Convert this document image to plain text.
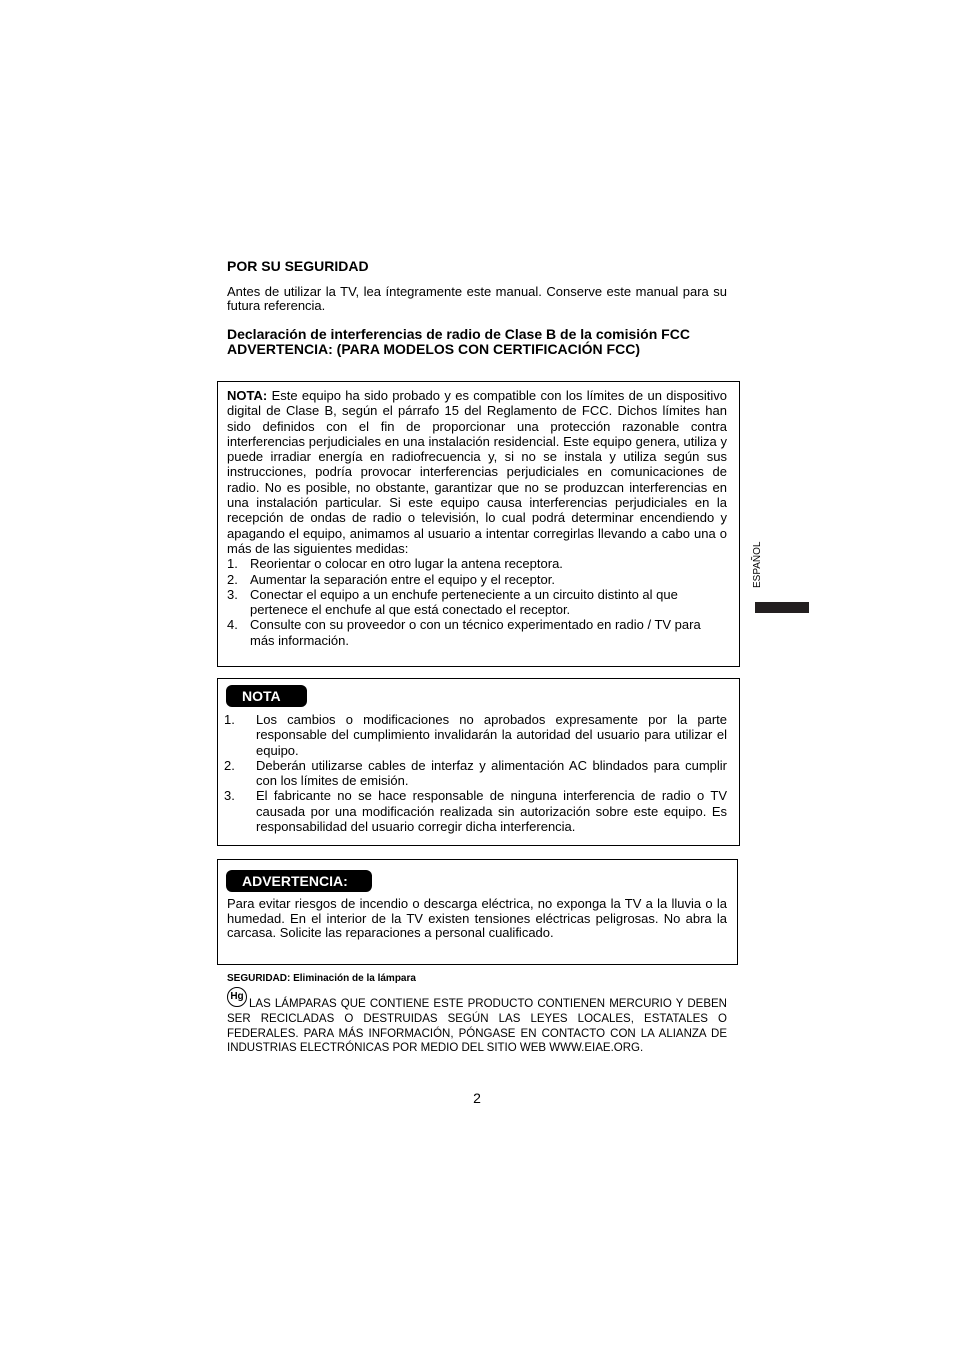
POR SU SEGURIDAD
Antes de utilizar la TV, lea íntegramente este manual. Conserve este manual para su futura referencia.
Declaración de interferencias de radio de Clase B de la comisión FCC
ADVERTENCIA: (PARA MODELOS CON CERTIFICACIÓN FCC)

NOTA: Este equipo ha sido probado y es compatible con los límites de un dispositivo digital de Clase B, según el párrafo 15 del Reglamento de FCC. Dichos límites han sido definidos con el fin de proporcionar una protección razonable contra interferencias perjudiciales en una instalación residencial. Este equipo genera, utiliza y puede irradiar energía en radiofrecuencia y, si no se instala y utiliza según sus instrucciones, podría provocar interferencias perjudiciales en comunicaciones de radio. No es posible, no obstante, garantizar que no se produzcan interferencias en una instalación particular. Si este equipo causa interferencias perjudiciales en la recepción de ondas de radio o televisión, lo cual podrá determinar encendiendo y apagando el equipo, animamos al usuario a intentar corregirlas llevando a cabo una o más de las siguientes medidas:

1. Reorientar o colocar en otro lugar la antena receptora.
2. Aumentar la separación entre el equipo y el receptor.
3. Conectar el equipo a un enchufe perteneciente a un circuito distinto al que pertenece el enchufe al que está conectado el receptor.
4. Consulte con su proveedor o con un técnico experimentado en radio / TV para más información.
NOTA
1. Los cambios o modificaciones no aprobados expresamente por la parte responsable del cumplimiento invalidarán la autoridad del usuario para utilizar el equipo.
2. Deberán utilizarse cables de interfaz y alimentación AC blindados para cumplir con los límites de emisión.
3. El fabricante no se hace responsable de ninguna interferencia de radio o TV causada por una modificación realizada sin autorización sobre este equipo. Es responsabilidad del usuario corregir dicha interferencia.
ADVERTENCIA:

Para evitar riesgos de incendio o descarga eléctrica, no exponga la TV a la lluvia o la humedad. En el interior de la TV existen tensiones eléctricas peligrosas. No abra la carcasa. Solicite las reparaciones a personal cualificado.

SEGURIDAD: Eliminación de la lámpara
Hg
LAS LÁMPARAS QUE CONTIENE ESTE PRODUCTO CONTIENEN MERCURIO Y DEBEN SER RECICLADAS O DESTRUIDAS SEGÚN LAS LEYES LOCALES, ESTATALES O FEDERALES. PARA MÁS INFORMACIÓN, PÓNGASE EN CONTACTO CON LA ALIANZA DE INDUSTRIAS ELECTRÓNICAS POR MEDIO DEL SITIO WEB WWW.EIAE.ORG.
2
ESPAÑOL
